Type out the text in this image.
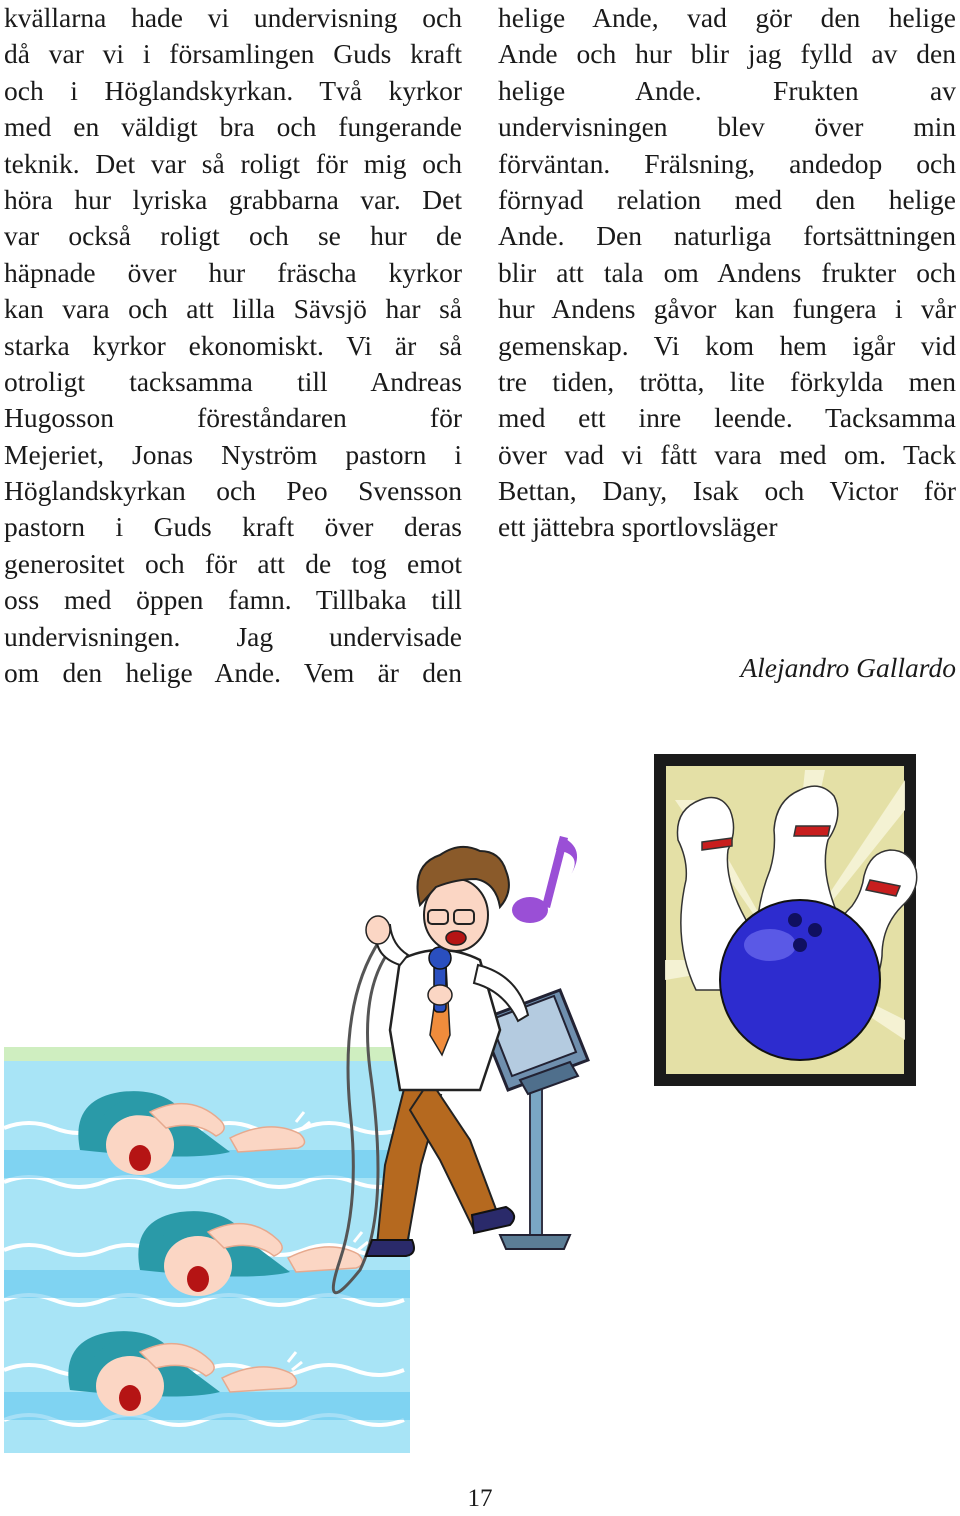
kvällarna hade vi undervisning och
då var vi i församlingen Guds kraft
och i Höglandskyrkan. Två kyrkor
med en väldigt bra och fungerande
teknik. Det var så roligt för mig och
höra hur lyriska grabbarna var. Det
var också roligt och se hur de
häpnade över hur fräscha kyrkor
kan vara och att lilla Sävsjö har så
starka kyrkor ekonomiskt. Vi är så
otroligt tacksamma till Andreas
Hugosson föreståndaren för
Mejeriet, Jonas Nyström pastorn i
Höglandskyrkan och Peo Svensson
pastorn i Guds kraft över deras
generositet och för att de tog emot
oss med öppen famn. Tillbaka till
undervisningen. Jag undervisade
om den helige Ande. Vem är den
helige Ande, vad gör den helige
Ande och hur blir jag fylld av den
helige Ande. Frukten av
undervisningen blev över min
förväntan. Frälsning, andedop och
förnyad relation med den helige
Ande. Den naturliga fortsättningen
blir att tala om Andens frukter och
hur Andens gåvor kan fungera i vår
gemenskap. Vi kom hem igår vid
tre tiden, trötta, lite förkylda men
med ett inre leende. Tacksamma
över vad vi fått vara med om. Tack
Bettan, Dany, Isak och Victor för
ett jättebra sportlovsläger
Alejandro Gallardo
17
